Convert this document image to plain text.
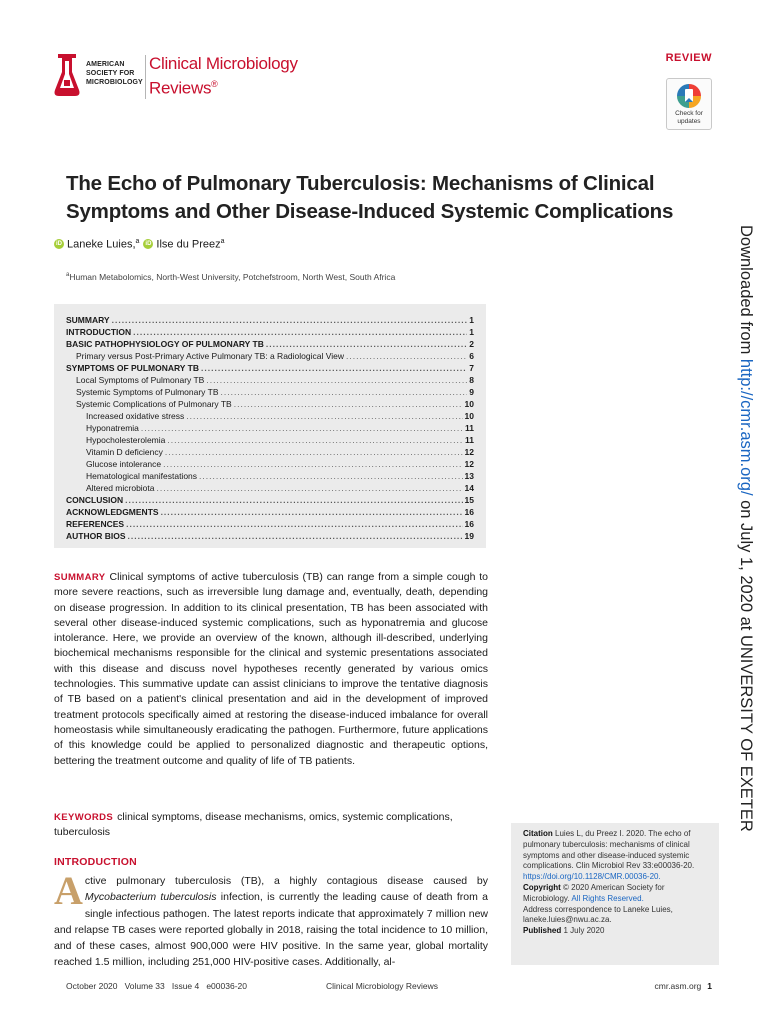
AMERICAN
SOCIETY FOR
MICROBIOLOGY
Clinical Microbiology
Reviews®
REVIEW
Check for
updates
The Echo of Pulmonary Tuberculosis: Mechanisms of Clinical Symptoms and Other Disease-Induced Systemic Complications
iD Laneke Luies,$^a$	iD Ilse du Preez$^a$
$^a$Human Metabolomics, North-West University, Potchefstroom, North West, South Africa
SUMMARY .....	1
INTRODUCTION .....	1
BASIC PATHOPHYSIOLOGY OF PULMONARY TB .....	2
Primary versus Post-Primary Active Pulmonary TB: a Radiological View .....	6
SYMPTOMS OF PULMONARY TB .....	7
Local Symptoms of Pulmonary TB .....	8
Systemic Symptoms of Pulmonary TB .....	9
Systemic Complications of Pulmonary TB .....	10
Increased oxidative stress .....	10
Hyponatremia .....	11
Hypocholesterolemia .....	11
Vitamin D deficiency .....	12
Glucose intolerance .....	12
Hematological manifestations .....	13
Altered microbiota .....	14
CONCLUSION .....	15
ACKNOWLEDGMENTS .....	16
REFERENCES .....	16
AUTHOR BIOS .....	19

SUMMARY Clinical symptoms of active tuberculosis (TB) can range from a simple cough to more severe reactions, such as irreversible lung damage and, eventually, death, depending on disease progression. In addition to its clinical presentation, TB has been associated with several other disease-induced systemic complications, such as hyponatremia and glucose intolerance. Here, we provide an overview of the known, although ill-described, underlying biochemical mechanisms responsible for the clinical and systemic presentations associated with this disease and discuss novel hypotheses recently generated by various omics technologies. This summative update can assist clinicians to improve the tentative diagnosis of TB based on a patient's clinical presentation and aid in the development of improved treatment protocols specifically aimed at restoring the disease-induced imbalance for overall homeostasis while simultaneously eradicating the pathogen. Furthermore, future applications of this knowledge could be applied to personalized diagnostic and therapeutic options, bettering the treatment outcome and quality of life of TB patients.

KEYWORDS clinical symptoms, disease mechanisms, omics, systemic complications, tuberculosis

INTRODUCTION

Active pulmonary tuberculosis (TB), a highly contagious disease caused by Mycobacterium tuberculosis infection, is currently the leading cause of death from a single infectious pathogen. The latest reports indicate that approximately 7 million new and relapse TB cases were reported globally in 2018, raising the total incidence to 10 million, and of these cases, almost 900,000 were HIV positive. In the same year, global mortality reached 1.5 million, including 251,000 HIV-positive cases. Additionally, al-

Citation Luies L, du Preez I. 2020. The echo of pulmonary tuberculosis: mechanisms of clinical symptoms and other disease-induced systemic complications. Clin Microbiol Rev 33:e00036-20. https://doi.org/10.1128/CMR.00036-20.
Copyright © 2020 American Society for Microbiology. All Rights Reserved.
Address correspondence to Laneke Luies, laneke.luies@nwu.ac.za.
Published 1 July 2020
Downloaded from http://cmr.asm.org/ on July 1, 2020 at UNIVERSITY OF EXETER
October 2020   Volume 33   Issue 4   e00036-20	Clinical Microbiology Reviews	cmr.asm.org 1
